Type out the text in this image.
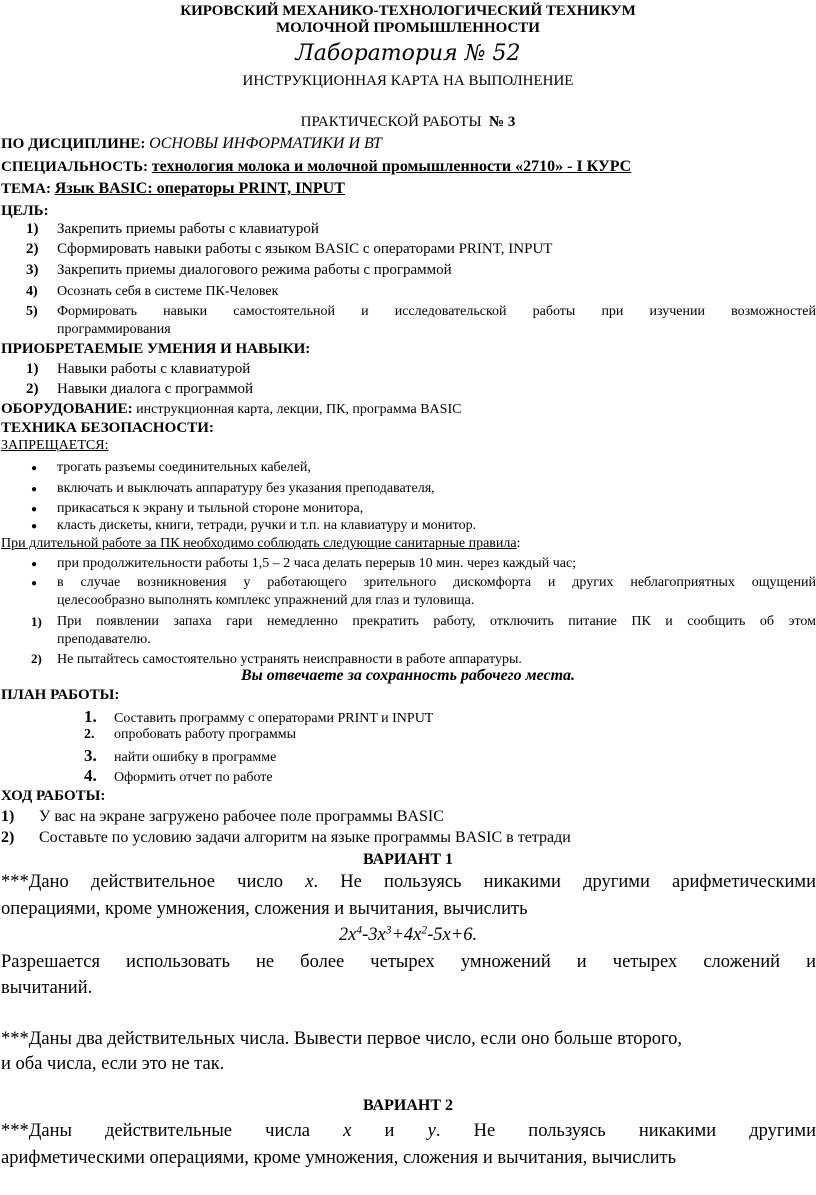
КИРОВСКИЙ МЕХАНИКО-ТЕХНОЛОГИЧЕСКИЙ ТЕХНИКУМ
МОЛОЧНОЙ ПРОМЫШЛЕННОСТИ
Лаборатория № 52
ИНСТРУКЦИОННАЯ КАРТА НА ВЫПОЛНЕНИЕ
ПРАКТИЧЕСКОЙ РАБОТЫ № 3
ПО ДИСЦИПЛИНЕ: ОСНОВЫ ИНФОРМАТИКИ И ВТ
СПЕЦИАЛЬНОСТЬ: технология молока и молочной промышленности «2710» - I КУРС
ТЕМА: Язык BASIC: операторы PRINT, INPUT
ЦЕЛЬ:
1) Закрепить приемы работы с клавиатурой
2) Сформировать навыки работы с языком BASIC с операторами PRINT, INPUT
3) Закрепить приемы диалогового режима работы с программой
4) Осознать себя в системе ПК-Человек
5)	Формировать навыки самостоятельной и исследовательской работы при изучении возможностей
программирования
ПРИОБРЕТАЕМЫЕ УМЕНИЯ И НАВЫКИ:
1) Навыки работы с клавиатурой
2) Навыки диалога с программой
ОБОРУДОВАНИЕ: инструкционная карта, лекции, ПК, программа BASIC
ТЕХНИКА БЕЗОПАСНОСТИ:
ЗАПРЕЩАЕТСЯ:
● трогать разъемы соединительных кабелей,
● включать и выключать аппаратуру без указания преподавателя,
● прикасаться к экрану и тыльной стороне монитора,
● класть дискеты, книги, тетради, ручки и т.п. на клавиатуру и монитор.
При длительной работе за ПК необходимо соблюдать следующие санитарные правила:
● при продолжительности работы 1,5 – 2 часа делать перерыв 10 мин. через каждый час;
● в случае возникновения у работающего зрительного дискомфорта и других неблагоприятных ощущений
целесообразно выполнять комплекс упражнений для глаз и туловища.
1)	При появлении запаха гари немедленно прекратить работу, отключить питание ПК и сообщить об этом
преподавателю.
2) Не пытайтесь самостоятельно устранять неисправности в работе аппаратуры.
Вы отвечаете за сохранность рабочего места.
ПЛАН РАБОТЫ:
1. Составить программу с операторами PRINT и INPUT
2. опробовать работу программы
3. найти ошибку в программе
4. Оформить отчет по работе
ХОД РАБОТЫ:
1) У вас на экране загружено рабочее поле программы BASIC
2) Составьте по условию задачи алгоритм на языке программы BASIC в тетради
ВАРИАНТ 1
***Дано действительное число x. Не пользуясь никакими другими арифметическими
операциями, кроме умножения, сложения и вычитания, вычислить
$2x^4-3x^3+4x^2-5x+6$.
Разрешается использовать не более четырех умножений и четырех сложений и
вычитаний.
***Даны два действительных числа. Вывести первое число, если оно больше второго,
и оба числа, если это не так.
ВАРИАНТ 2
***Даны действительные числа x и y. Не пользуясь никакими другими
арифметическими операциями, кроме умножения, сложения и вычитания, вычислить
